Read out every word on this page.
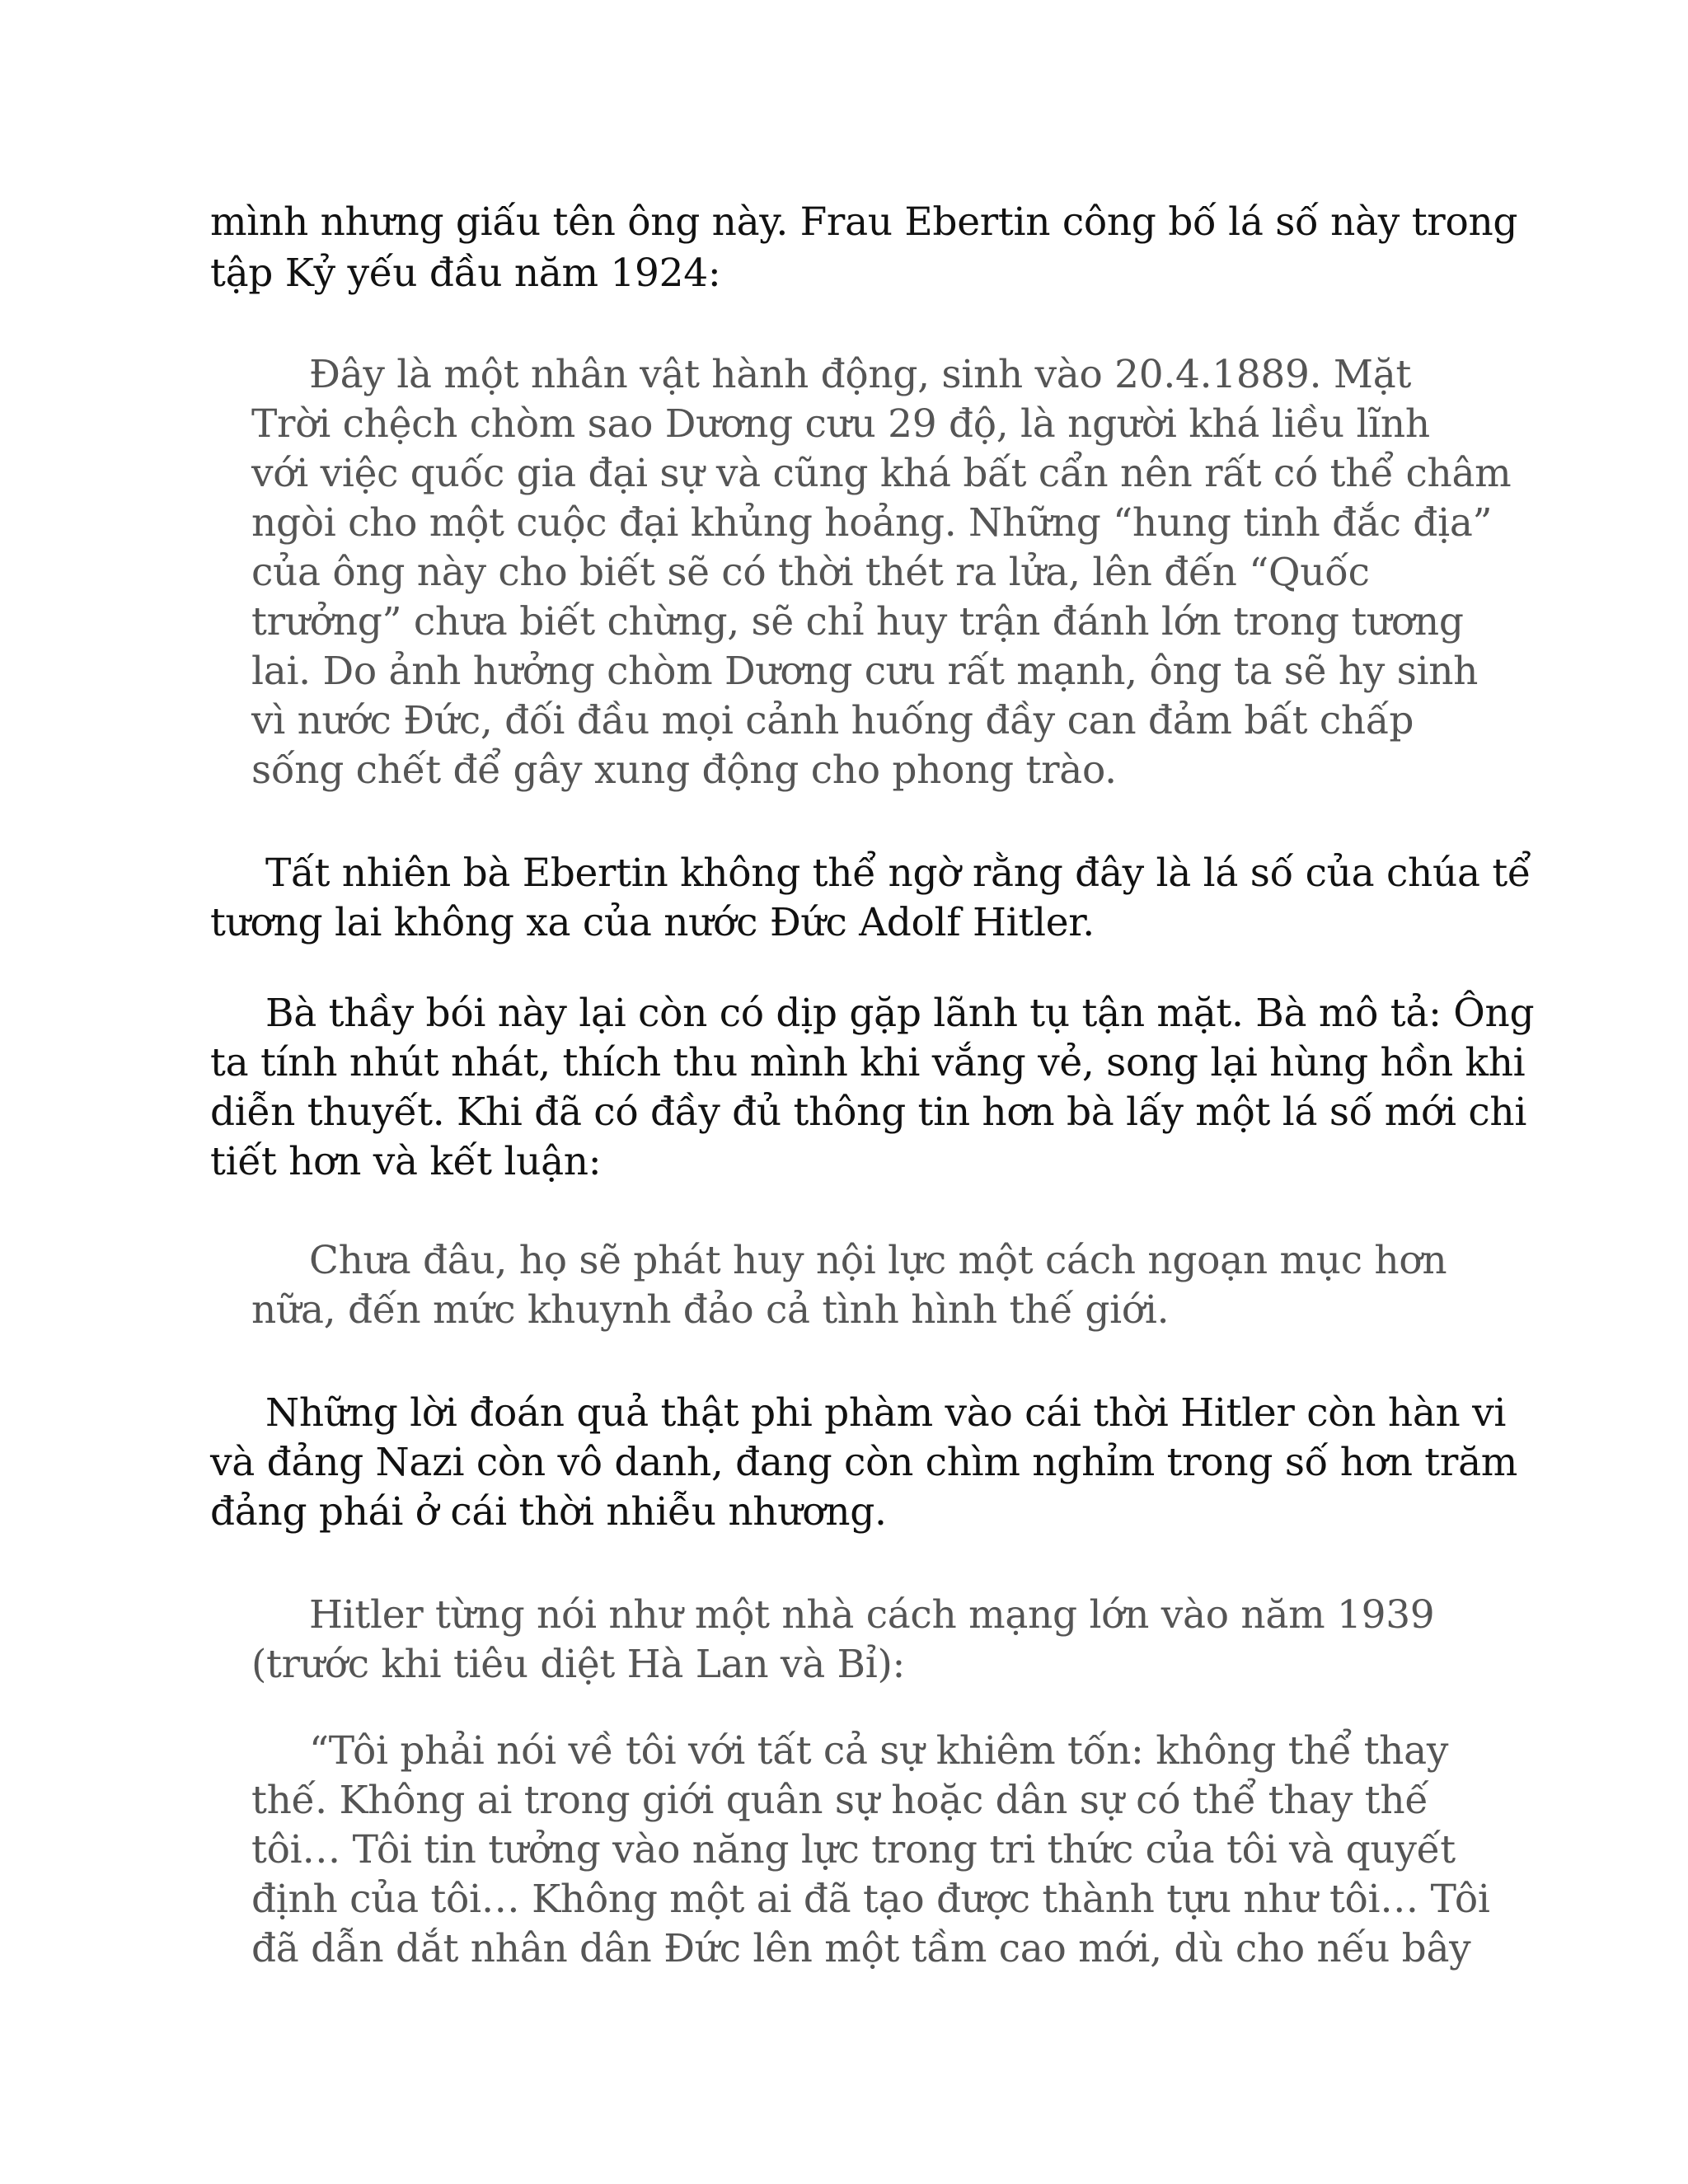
mình nhưng giấu tên ông này. Frau Ebertin công bố lá số này trong
tập Kỷ yếu đầu năm 1924:
Đây là một nhân vật hành động, sinh vào 20.4.1889. Mặt
Trời chệch chòm sao Dương cưu 29 độ, là người khá liều lĩnh
với việc quốc gia đại sự và cũng khá bất cẩn nên rất có thể châm
ngòi cho một cuộc đại khủng hoảng. Những “hung tinh đắc địa”
của ông này cho biết sẽ có thời thét ra lửa, lên đến “Quốc
trưởng” chưa biết chừng, sẽ chỉ huy trận đánh lớn trong tương
lai. Do ảnh hưởng chòm Dương cưu rất mạnh, ông ta sẽ hy sinh
vì nước Đức, đối đầu mọi cảnh huống đầy can đảm bất chấp
sống chết để gây xung động cho phong trào.
Tất nhiên bà Ebertin không thể ngờ rằng đây là lá số của chúa tể
tương lai không xa của nước Đức Adolf Hitler.
Bà thầy bói này lại còn có dịp gặp lãnh tụ tận mặt. Bà mô tả: Ông
ta tính nhút nhát, thích thu mình khi vắng vẻ, song lại hùng hồn khi
diễn thuyết. Khi đã có đầy đủ thông tin hơn bà lấy một lá số mới chi
tiết hơn và kết luận:
Chưa đâu, họ sẽ phát huy nội lực một cách ngoạn mục hơn
nữa, đến mức khuynh đảo cả tình hình thế giới.
Những lời đoán quả thật phi phàm vào cái thời Hitler còn hàn vi
và đảng Nazi còn vô danh, đang còn chìm nghỉm trong số hơn trăm
đảng phái ở cái thời nhiễu nhương.
Hitler từng nói như một nhà cách mạng lớn vào năm 1939
(trước khi tiêu diệt Hà Lan và Bỉ):
“Tôi phải nói về tôi với tất cả sự khiêm tốn: không thể thay
thế. Không ai trong giới quân sự hoặc dân sự có thể thay thế
tôi… Tôi tin tưởng vào năng lực trong tri thức của tôi và quyết
định của tôi… Không một ai đã tạo được thành tựu như tôi… Tôi
đã dẫn dắt nhân dân Đức lên một tầm cao mới, dù cho nếu bây
